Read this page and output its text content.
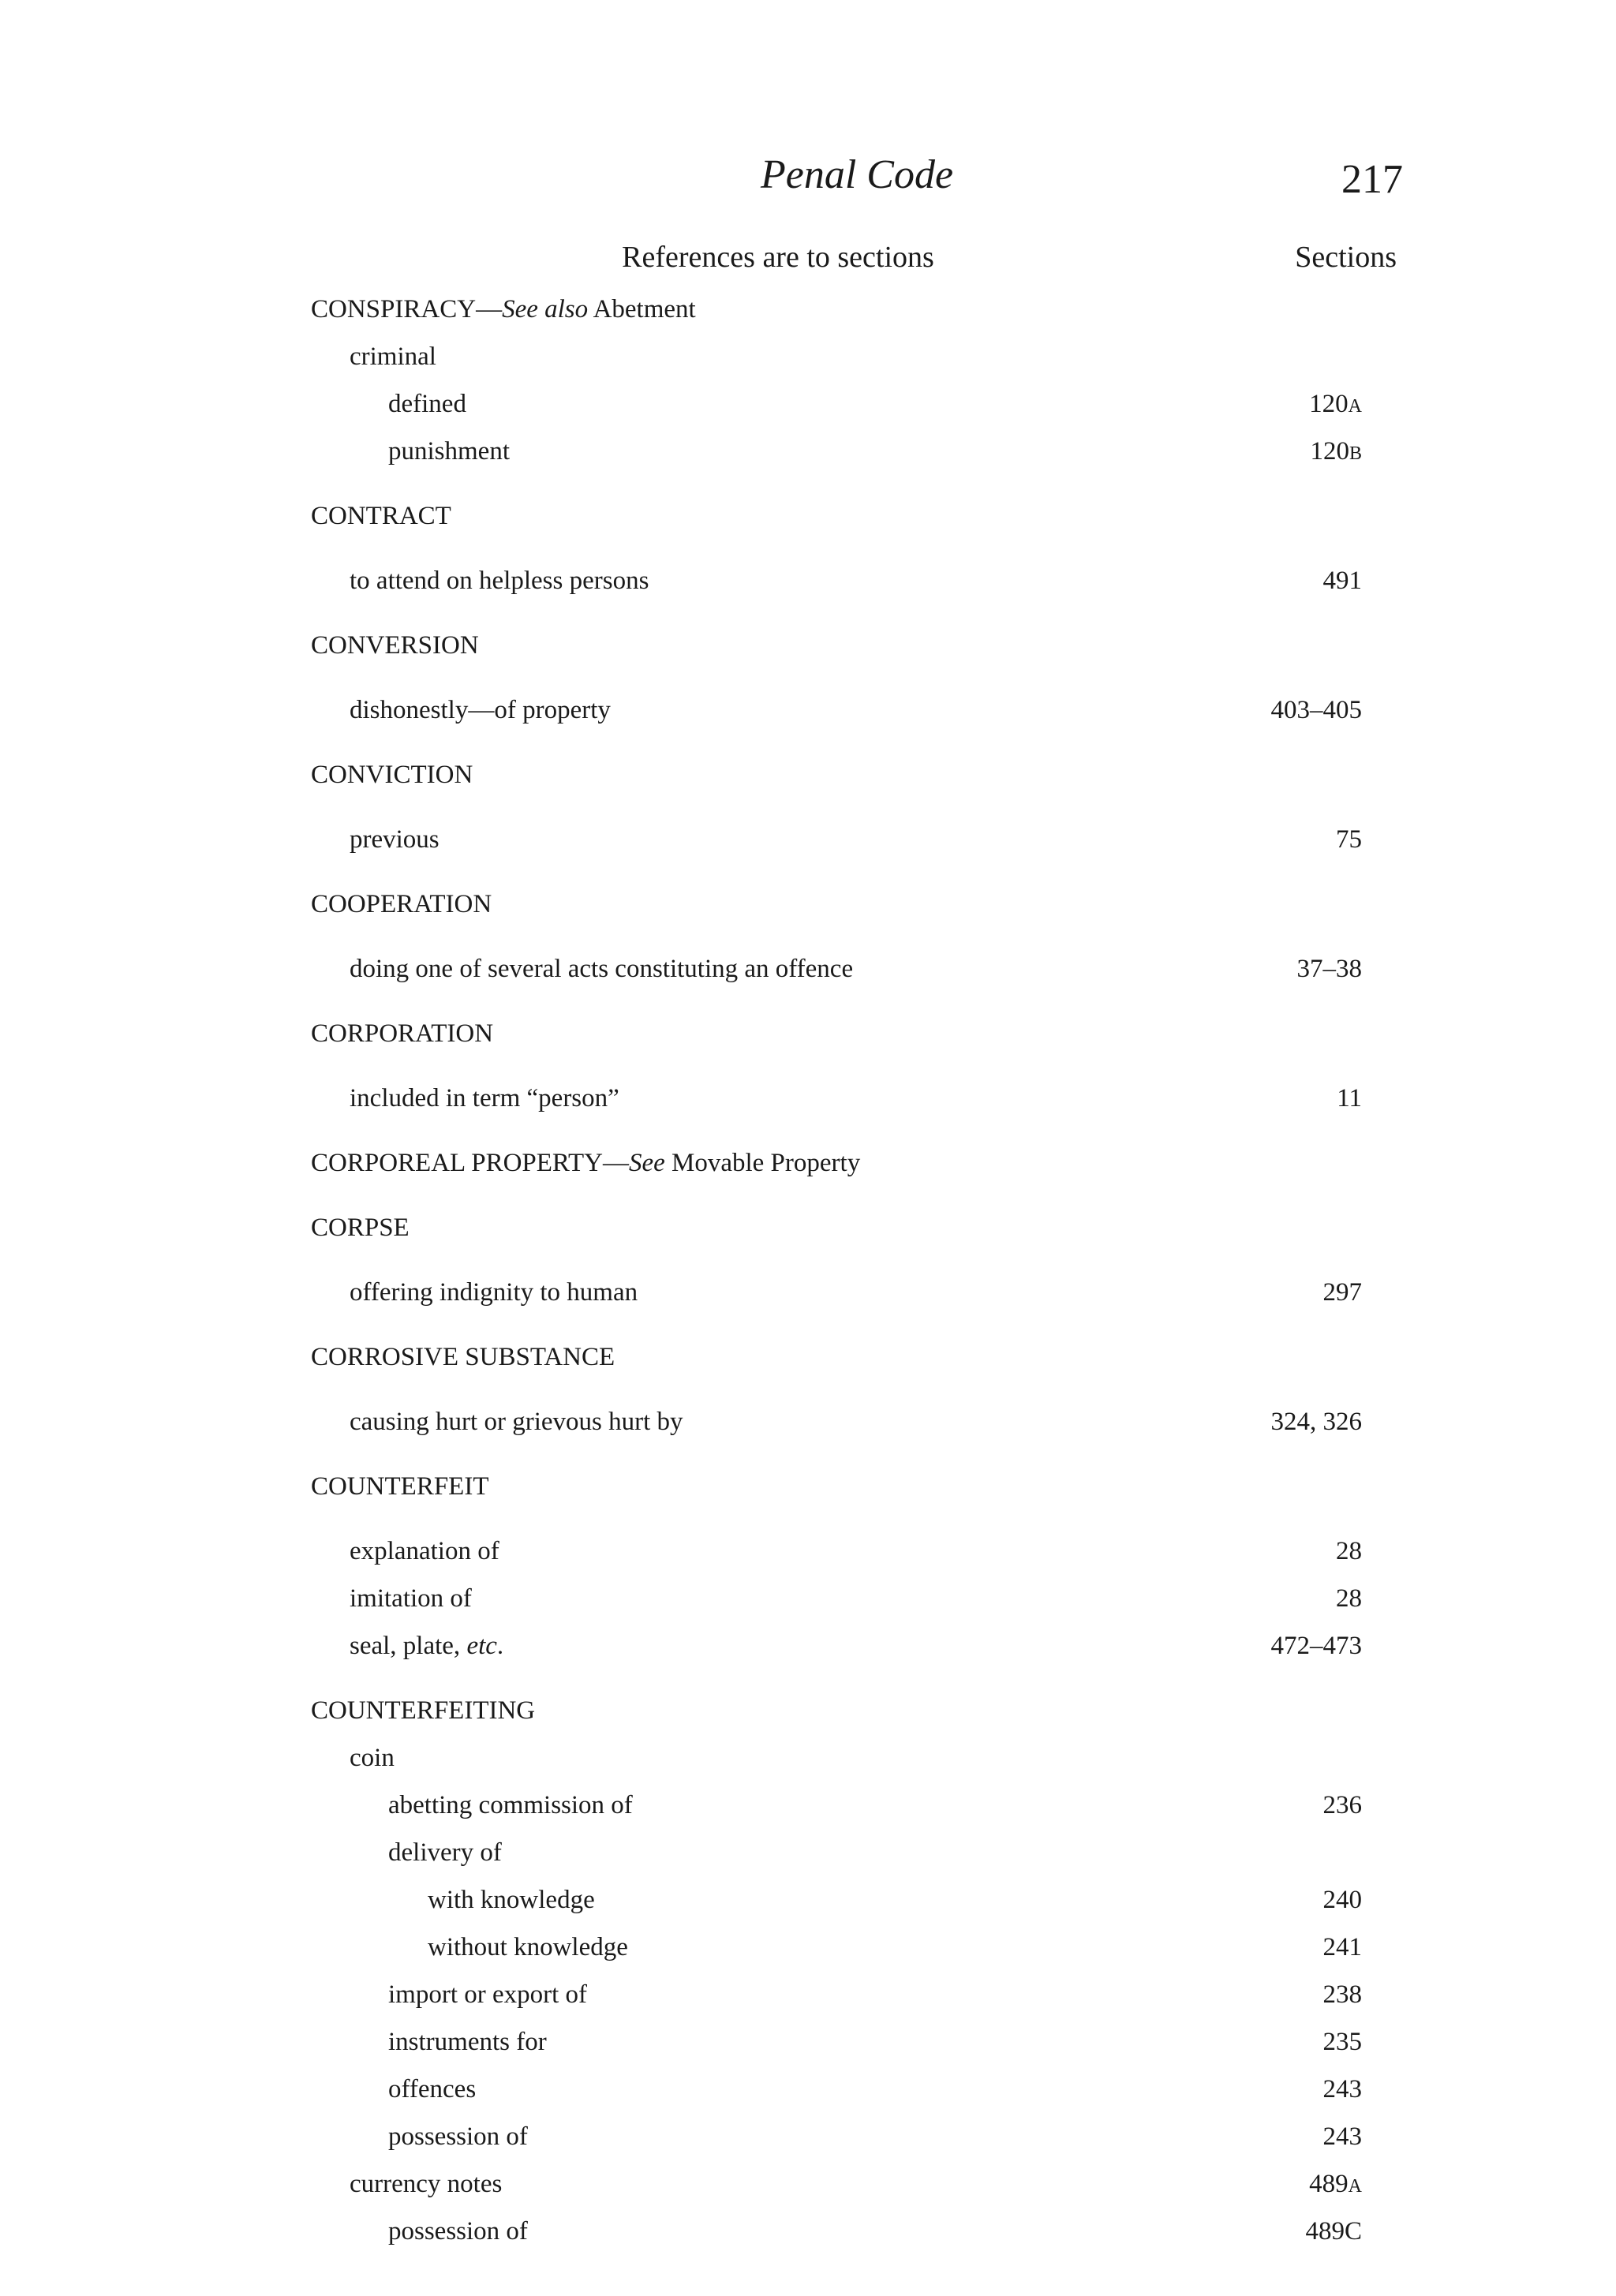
Penal Code	217
References are to sections	Sections
CONSPIRACY—See also Abetment
criminal
defined	120A
punishment	120B
CONTRACT
to attend on helpless persons	491
CONVERSION
dishonestly—of property	403–405
CONVICTION
previous	75
COOPERATION
doing one of several acts constituting an offence	37–38
CORPORATION
included in term “person”	11
CORPOREAL PROPERTY—See Movable Property
CORPSE
offering indignity to human	297
CORROSIVE SUBSTANCE
causing hurt or grievous hurt by	324, 326
COUNTERFEIT
explanation of	28
imitation of	28
seal, plate, etc.	472–473
COUNTERFEITING
coin
abetting commission of	236
delivery of
with knowledge	240
without knowledge	241
import or export of	238
instruments for	235
offences	243
possession of	243
currency notes	489A
possession of	489C
